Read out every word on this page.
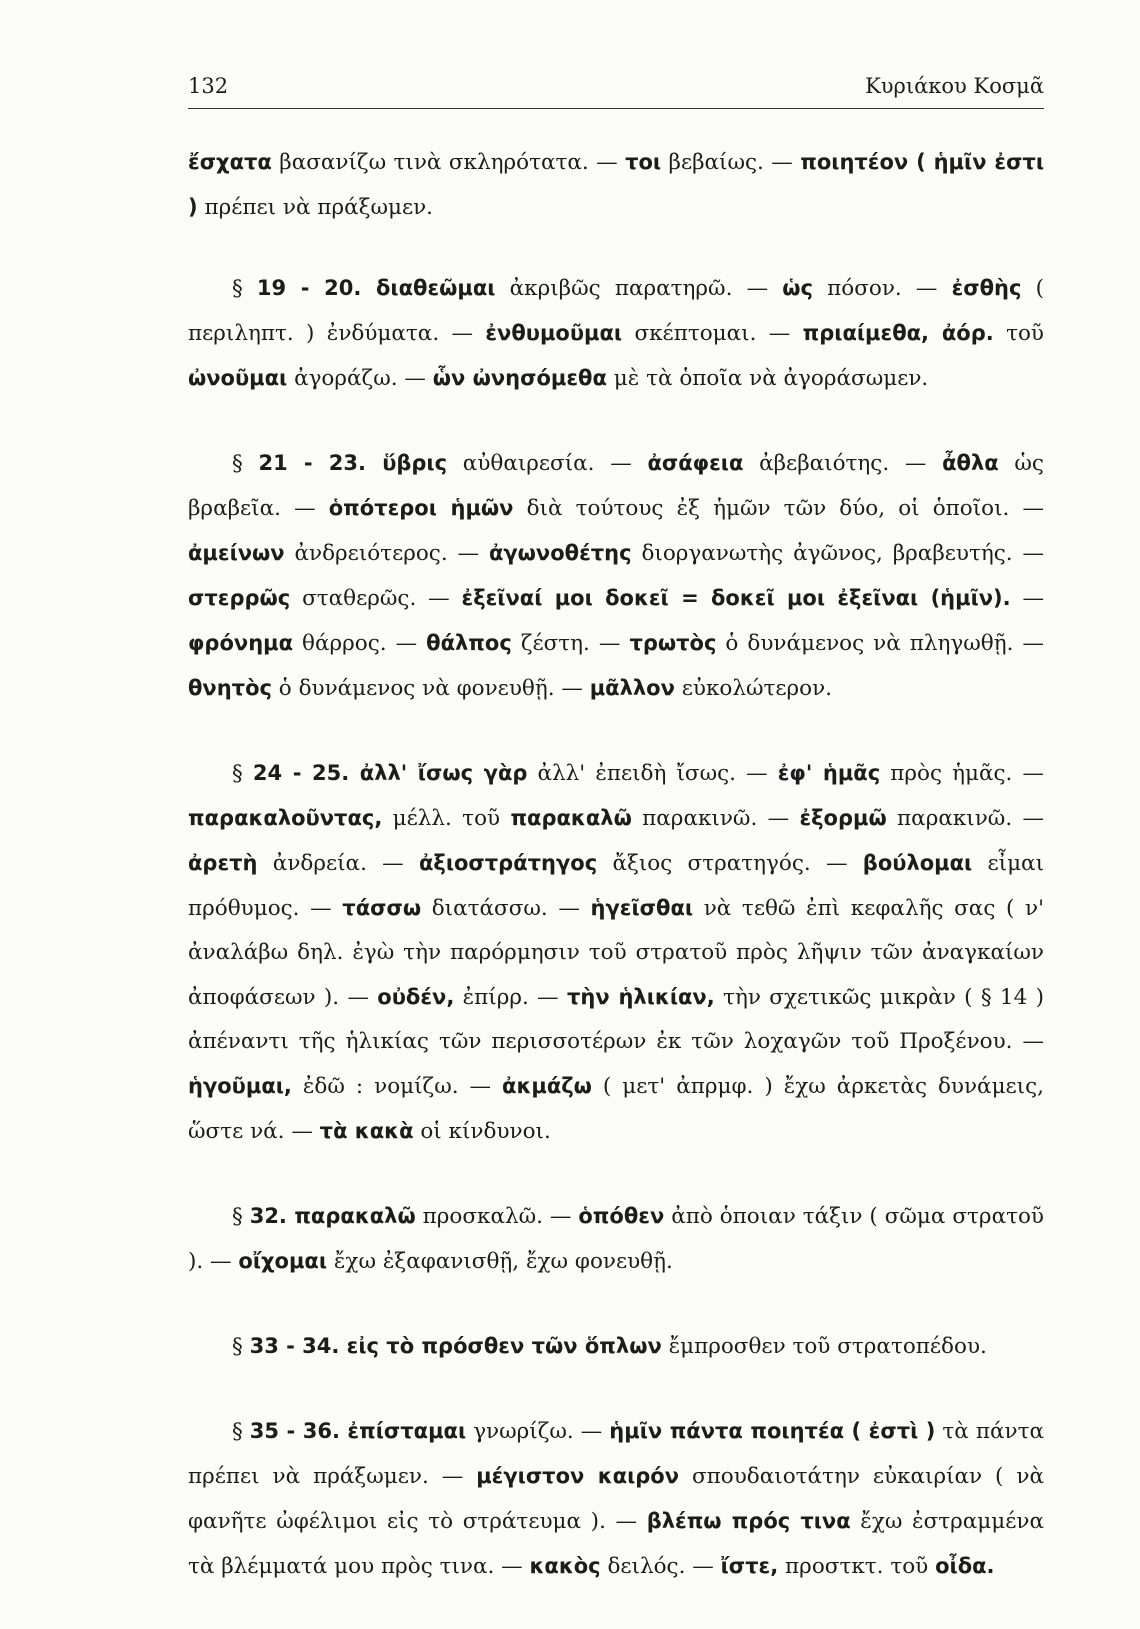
132	Κυριάκου Κοσμᾶ

ἔσχατα βασανίζω τινὰ σκληρότατα. — τοι βεβαίως. — ποιητέον ( ἡμῖν ἐστι ) πρέπει νὰ πράξωμεν.

§ 19 - 20. διαθεῶμαι ἀκριβῶς παρατηρῶ. — ὡς πόσον. — ἐσθὴς ( περιληπτ. ) ἐνδύματα. — ἐνθυμοῦμαι σκέπτομαι. — πριαίμεθα, ἀόρ. τοῦ ὠνοῦμαι ἀγοράζω. — ὧν ὠνησόμεθα μὲ τὰ ὁποῖα νὰ ἀγοράσωμεν.

§ 21 - 23. ὕβρις αὐθαιρεσία. — ἀσάφεια ἀβεβαιότης. — ἆθλα ὡς βραβεῖα. — ὁπότεροι ἡμῶν διὰ τούτους ἐξ ἡμῶν τῶν δύο, οἱ ὁποῖοι. — ἀμείνων ἀνδρειότερος. — ἀγωνοθέτης διοργανωτὴς ἀγῶνος, βραβευτής. — στερρῶς σταθερῶς. — ἐξεῖναί μοι δοκεῖ = δοκεῖ μοι ἐξεῖναι (ἡμῖν). — φρόνημα θάρρος. — θάλπος ζέστη. — τρωτὸς ὁ δυνάμενος νὰ πληγωθῇ. — θνητὸς ὁ δυνάμενος νὰ φονευθῇ. — μᾶλλον εὐκολώτερον.

§ 24 - 25. ἀλλ' ἴσως γὰρ ἀλλ' ἐπειδὴ ἴσως. — ἐφ' ἡμᾶς πρὸς ἡμᾶς. — παρακαλοῦντας, μέλλ. τοῦ παρακαλῶ παρακινῶ. — ἐξορμῶ παρακινῶ. — ἀρετὴ ἀνδρεία. — ἀξιοστράτηγος ἄξιος στρατηγός. — βούλομαι εἶμαι πρόθυμος. — τάσσω διατάσσω. — ἡγεῖσθαι νὰ τεθῶ ἐπὶ κεφαλῆς σας ( ν' ἀναλάβω δηλ. ἐγὼ τὴν παρόρμησιν τοῦ στρατοῦ πρὸς λῆψιν τῶν ἀναγκαίων ἀποφάσεων ). — οὐδέν, ἐπίρρ. — τὴν ἡλικίαν, τὴν σχετικῶς μικρὰν ( § 14 ) ἀπέναντι τῆς ἡλικίας τῶν περισσοτέρων ἐκ τῶν λοχαγῶν τοῦ Προξένου. — ἡγοῦμαι, ἐδῶ : νομίζω. — ἀκμάζω ( μετ' ἀπρμφ. ) ἔχω ἀρκετὰς δυνάμεις, ὥστε νά. — τὰ κακὰ οἱ κίνδυνοι.

§ 32. παρακαλῶ προσκαλῶ. — ὁπόθεν ἀπὸ ὁποιαν τάξιν ( σῶμα στρατοῦ ). — οἴχομαι ἔχω ἐξαφανισθῇ, ἔχω φονευθῇ.

§ 33 - 34. εἰς τὸ πρόσθεν τῶν ὅπλων ἔμπροσθεν τοῦ στρατοπέδου.

§ 35 - 36. ἐπίσταμαι γνωρίζω. — ἡμῖν πάντα ποιητέα ( ἐστὶ ) τὰ πάντα πρέπει νὰ πράξωμεν. — μέγιστον καιρόν σπουδαιοτάτην εὐκαιρίαν ( νὰ φανῆτε ὠφέλιμοι εἰς τὸ στράτευμα ). — βλέπω πρός τινα ἔχω ἐστραμμένα τὰ βλέμματά μου πρὸς τινα. — κακὸς δειλός. — ἴστε, προστκτ. τοῦ οἶδα.
